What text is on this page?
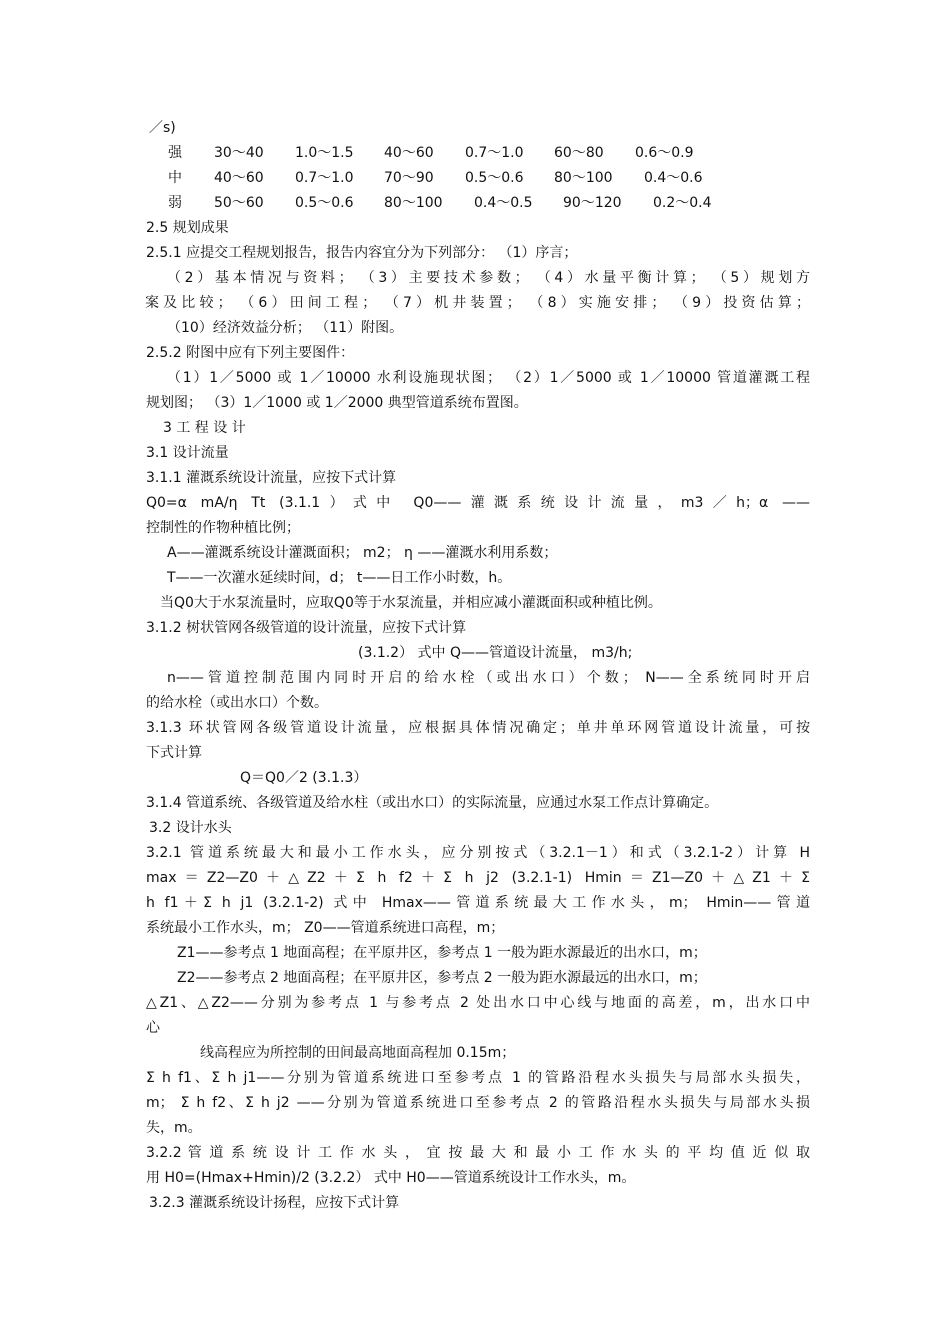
／s)
强 30～40 1.0～1.5 40～60 0.7～1.0 60～80 0.6～0.9
中 40～60 0.7～1.0 70～90 0.5～0.6 80～100 0.4～0.6
弱 50～60 0.5～0.6 80～100 0.4～0.5 90～120 0.2～0.4
2.5 规划成果
2.5.1 应提交工程规划报告，报告内容宜分为下列部分： （1）序言；
（2）基本情况与资料； （3）主要技术参数； （4）水量平衡计算； （5）规划方
案及比较； （6）田间工程； （7）机井装置； （8）实施安排； （9）投资估算；
（10）经济效益分析； （11）附图。
2.5.2 附图中应有下列主要图件：
（1）1／5000 或 1／10000 水利设施现状图； （2）1／5000 或 1／10000 管道灌溉工程
规划图； （3）1／1000 或 1／2000 典型管道系统布置图。
3 工 程 设 计
3.1 设计流量
3.1.1 灌溉系统设计流量，应按下式计算
Q0=α mA/η Tt (3.1.1）式中 Q0——灌溉系统设计流量，m3／h；α ——
控制性的作物种植比例；
A——灌溉系统设计灌溉面积； m2； η ——灌溉水利用系数；
T——一次灌水延续时间，d； t——日工作小时数，h。
当Q0大于水泵流量时，应取Q0等于水泵流量，并相应减小灌溉面积或种植比例。
3.1.2 树状管网各级管道的设计流量，应按下式计算
(3.1.2） 式中 Q——管道设计流量， m3/h;
n——管道控制范围内同时开启的给水栓（或出水口）个数； N——全系统同时开启
的给水栓（或出水口）个数。
3.1.3 环状管网各级管道设计流量，应根据具体情况确定；单井单环网管道设计流量，可按
下式计算
Q＝Q0／2 (3.1.3）
3.1.4 管道系统、各级管道及给水柱（或出水口）的实际流量，应通过水泵工作点计算确定。
3.2 设计水头
3.2.1 管道系统最大和最小工作水头，应分别按式（3.2.1－1）和式（3.2.1-2）计算 H
max＝Z2—Z0＋△Z2＋Σ h f2＋Σ h j2 (3.2.1-1) Hmin＝Z1—Z0＋△Z1＋Σ
h f1＋Σ h j1 (3.2.1-2) 式中 Hmax——管道系统最大工作水头，m； Hmin——管道
系统最小工作水头，m； Z0——管道系统进口高程，m；
Z1——参考点 1 地面高程；在平原井区，参考点 1 一般为距水源最近的出水口，m；
Z2——参考点 2 地面高程；在平原井区，参考点 2 一般为距水源最远的出水口，m；
△Z1、△Z2——分别为参考点 1 与参考点 2 处出水口中心线与地面的高差，m，出水口中
心
线高程应为所控制的田间最高地面高程加 0.15m；
Σ h f1、Σ h j1——分别为管道系统进口至参考点 1 的管路沿程水头损失与局部水头损失，
m； Σ h f2、Σ h j2 ——分别为管道系统进口至参考点 2 的管路沿程水头损失与局部水头损
失，m。
3.2.2 管 道 系 统 设 计 工 作 水 头 ， 宜 按 最 大 和 最 小 工 作 水 头 的 平 均 值 近 似 取
用 H0=(Hmax+Hmin)/2 (3.2.2） 式中 H0——管道系统设计工作水头，m。
3.2.3 灌溉系统设计扬程，应按下式计算
